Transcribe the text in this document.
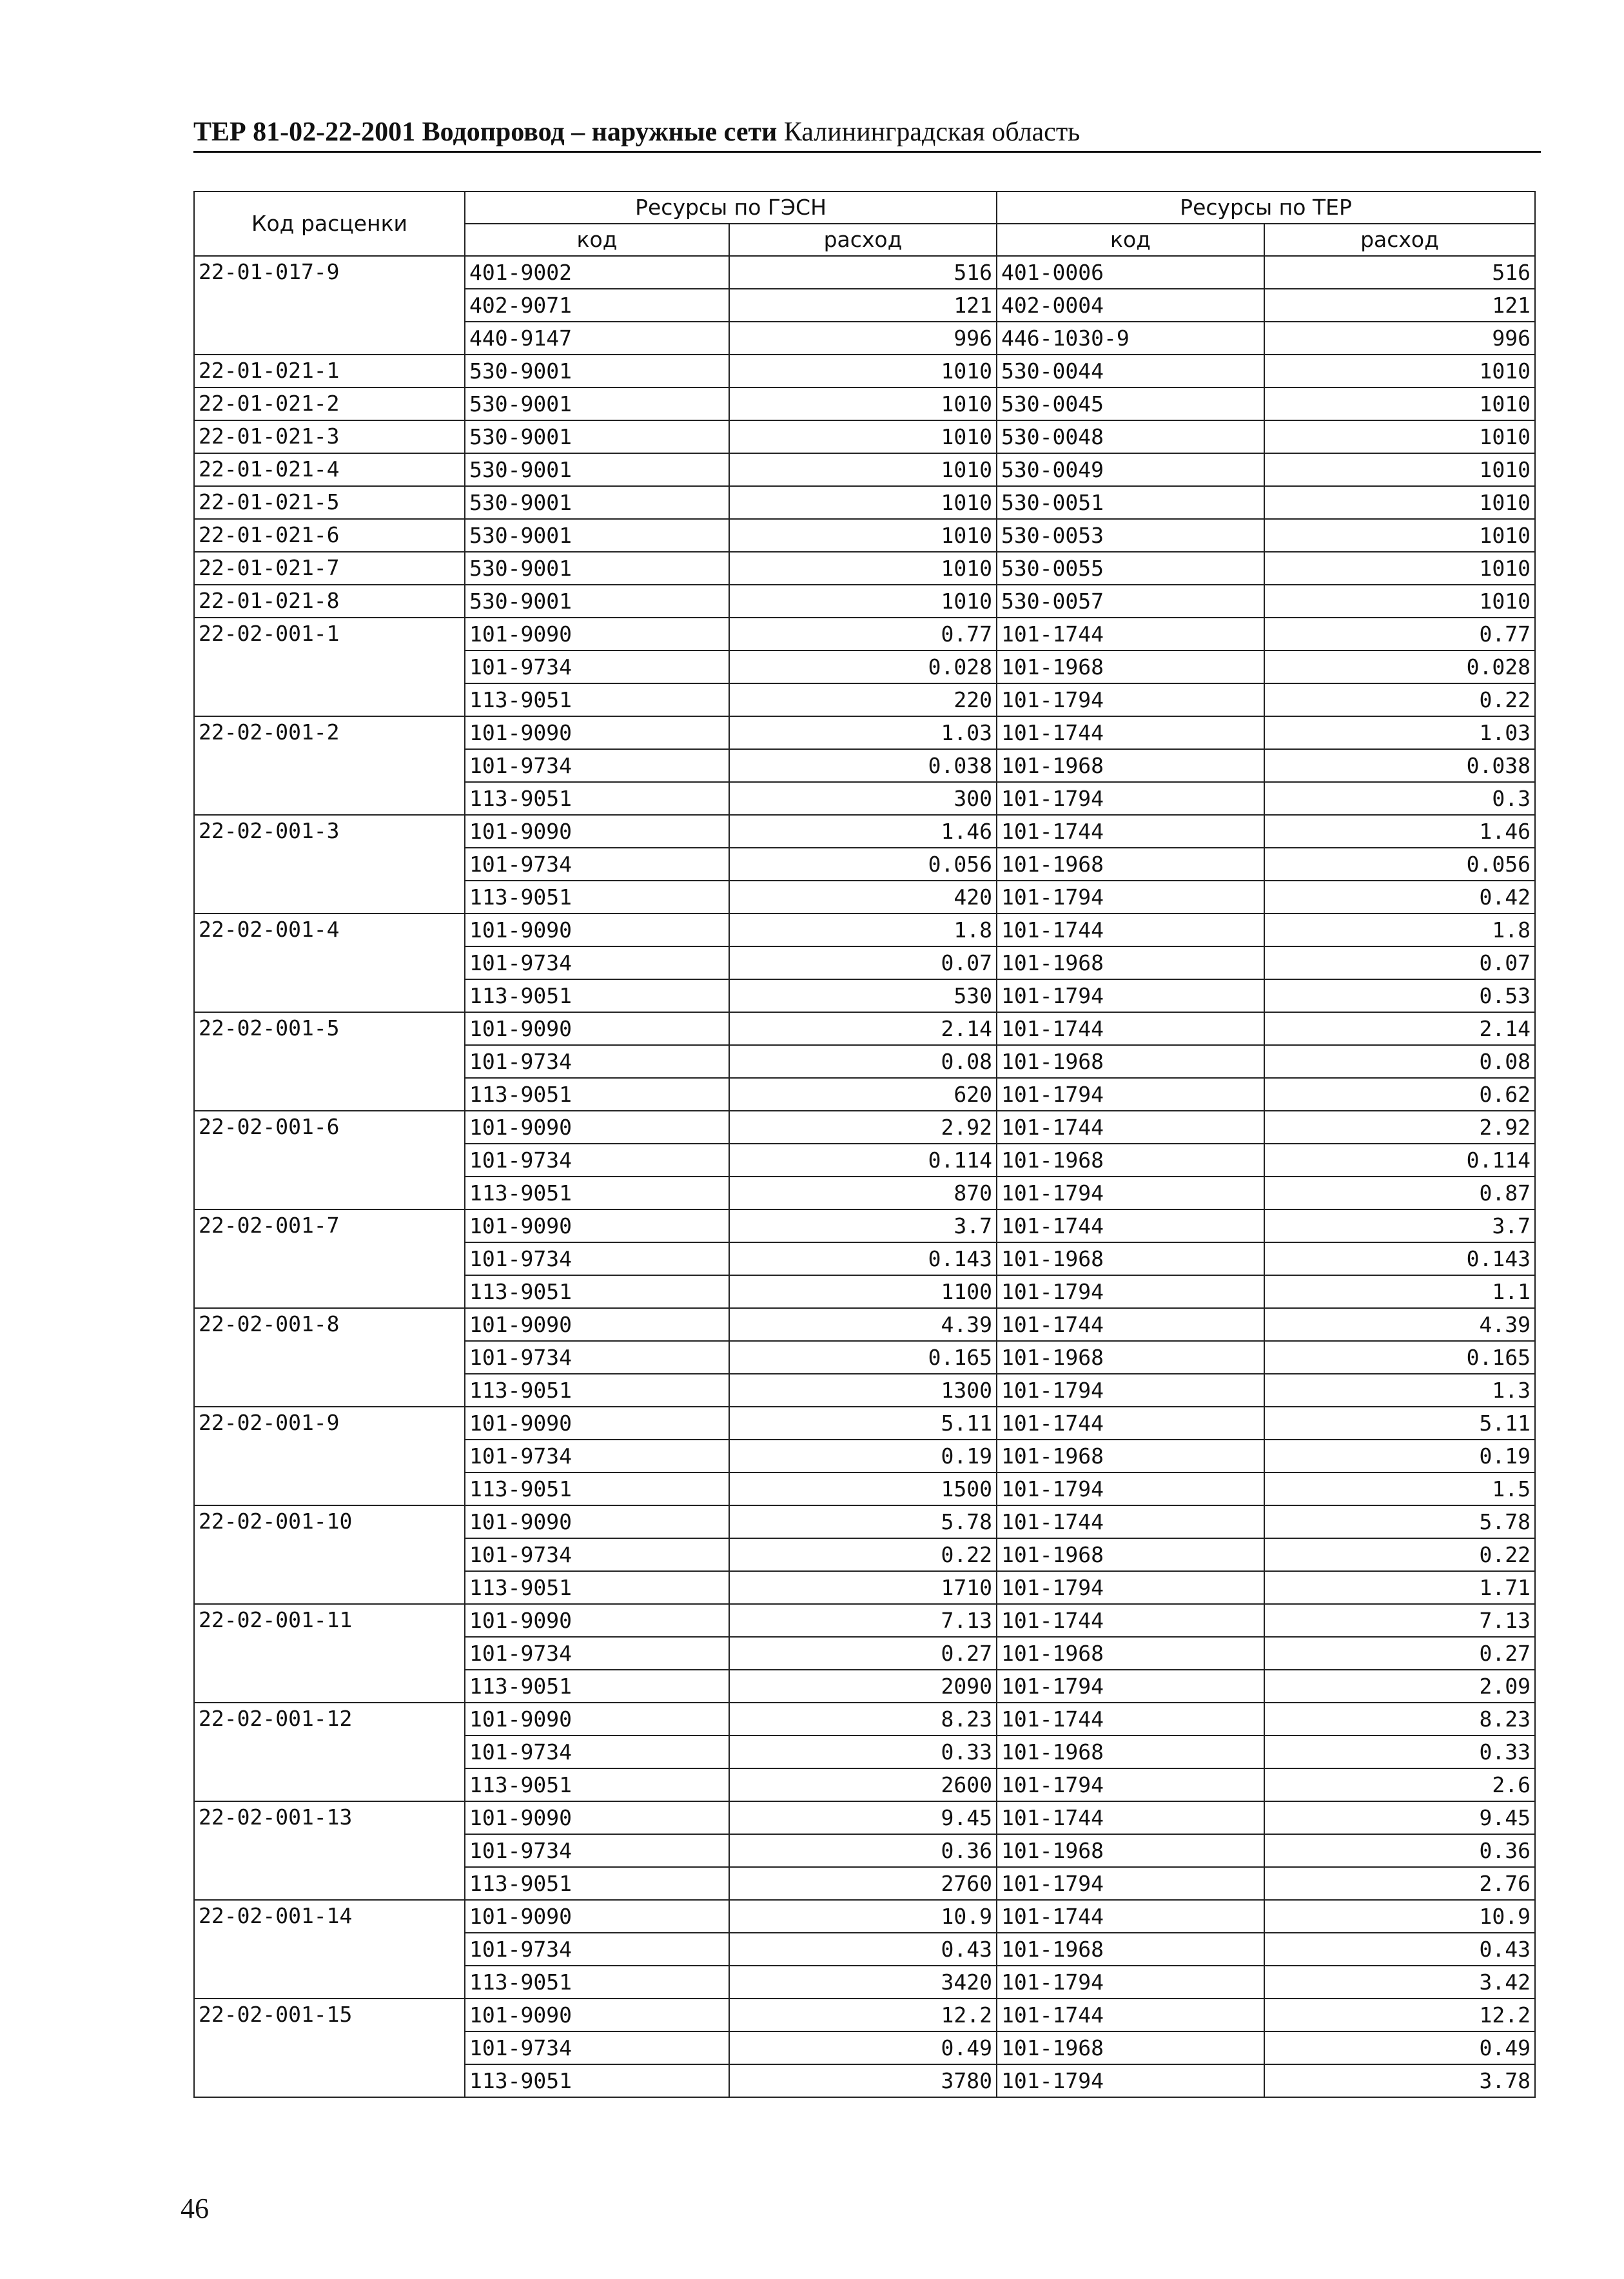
ТЕР 81-02-22-2001 Водопровод – наружные сети Калининградская область
Код расценки	Ресурсы по ГЭСН		Ресурсы по ТЕР	
	код	расход	код	расход
22-01-017-9	401-9002	516	401-0006	516
	402-9071	121	402-0004	121
	440-9147	996	446-1030-9	996
22-01-021-1	530-9001	1010	530-0044	1010
22-01-021-2	530-9001	1010	530-0045	1010
22-01-021-3	530-9001	1010	530-0048	1010
22-01-021-4	530-9001	1010	530-0049	1010
22-01-021-5	530-9001	1010	530-0051	1010
22-01-021-6	530-9001	1010	530-0053	1010
22-01-021-7	530-9001	1010	530-0055	1010
22-01-021-8	530-9001	1010	530-0057	1010
22-02-001-1	101-9090	0.77	101-1744	0.77
	101-9734	0.028	101-1968	0.028
	113-9051	220	101-1794	0.22
22-02-001-2	101-9090	1.03	101-1744	1.03
	101-9734	0.038	101-1968	0.038
	113-9051	300	101-1794	0.3
22-02-001-3	101-9090	1.46	101-1744	1.46
	101-9734	0.056	101-1968	0.056
	113-9051	420	101-1794	0.42
22-02-001-4	101-9090	1.8	101-1744	1.8
	101-9734	0.07	101-1968	0.07
	113-9051	530	101-1794	0.53
22-02-001-5	101-9090	2.14	101-1744	2.14
	101-9734	0.08	101-1968	0.08
	113-9051	620	101-1794	0.62
22-02-001-6	101-9090	2.92	101-1744	2.92
	101-9734	0.114	101-1968	0.114
	113-9051	870	101-1794	0.87
22-02-001-7	101-9090	3.7	101-1744	3.7
	101-9734	0.143	101-1968	0.143
	113-9051	1100	101-1794	1.1
22-02-001-8	101-9090	4.39	101-1744	4.39
	101-9734	0.165	101-1968	0.165
	113-9051	1300	101-1794	1.3
22-02-001-9	101-9090	5.11	101-1744	5.11
	101-9734	0.19	101-1968	0.19
	113-9051	1500	101-1794	1.5
22-02-001-10	101-9090	5.78	101-1744	5.78
	101-9734	0.22	101-1968	0.22
	113-9051	1710	101-1794	1.71
22-02-001-11	101-9090	7.13	101-1744	7.13
	101-9734	0.27	101-1968	0.27
	113-9051	2090	101-1794	2.09
22-02-001-12	101-9090	8.23	101-1744	8.23
	101-9734	0.33	101-1968	0.33
	113-9051	2600	101-1794	2.6
22-02-001-13	101-9090	9.45	101-1744	9.45
	101-9734	0.36	101-1968	0.36
	113-9051	2760	101-1794	2.76
22-02-001-14	101-9090	10.9	101-1744	10.9
	101-9734	0.43	101-1968	0.43
	113-9051	3420	101-1794	3.42
22-02-001-15	101-9090	12.2	101-1744	12.2
	101-9734	0.49	101-1968	0.49
	113-9051	3780	101-1794	3.78
46
